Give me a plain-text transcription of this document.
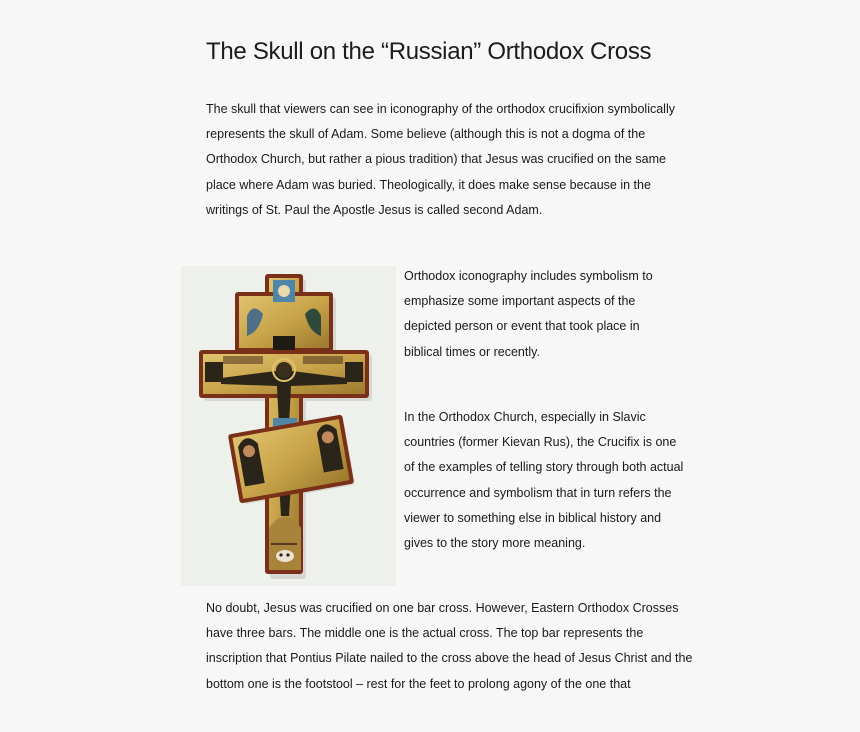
The Skull on the “Russian” Orthodox Cross

The skull that viewers can see in iconography of the orthodox crucifixion symbolically represents the skull of Adam. Some believe (although this is not a dogma of the Orthodox Church, but rather a pious tradition) that Jesus was crucified on the same place where Adam was buried. Theologically, it does make sense because in the writings of St. Paul the Apostle Jesus is called second Adam.

Orthodox iconography includes symbolism to emphasize some important aspects of the depicted person or event that took place in biblical times or recently.

In the Orthodox Church, especially in Slavic countries (former Kievan Rus), the Crucifix is one of the examples of telling story through both actual occurrence and symbolism that in turn refers the viewer to something else in biblical history and gives to the story more meaning.

No doubt, Jesus was crucified on one bar cross. However, Eastern Orthodox Crosses have three bars. The middle one is the actual cross. The top bar represents the inscription that Pontius Pilate nailed to the cross above the head of Jesus Christ and the bottom one is the footstool – rest for the feet to prolong agony of the one that
